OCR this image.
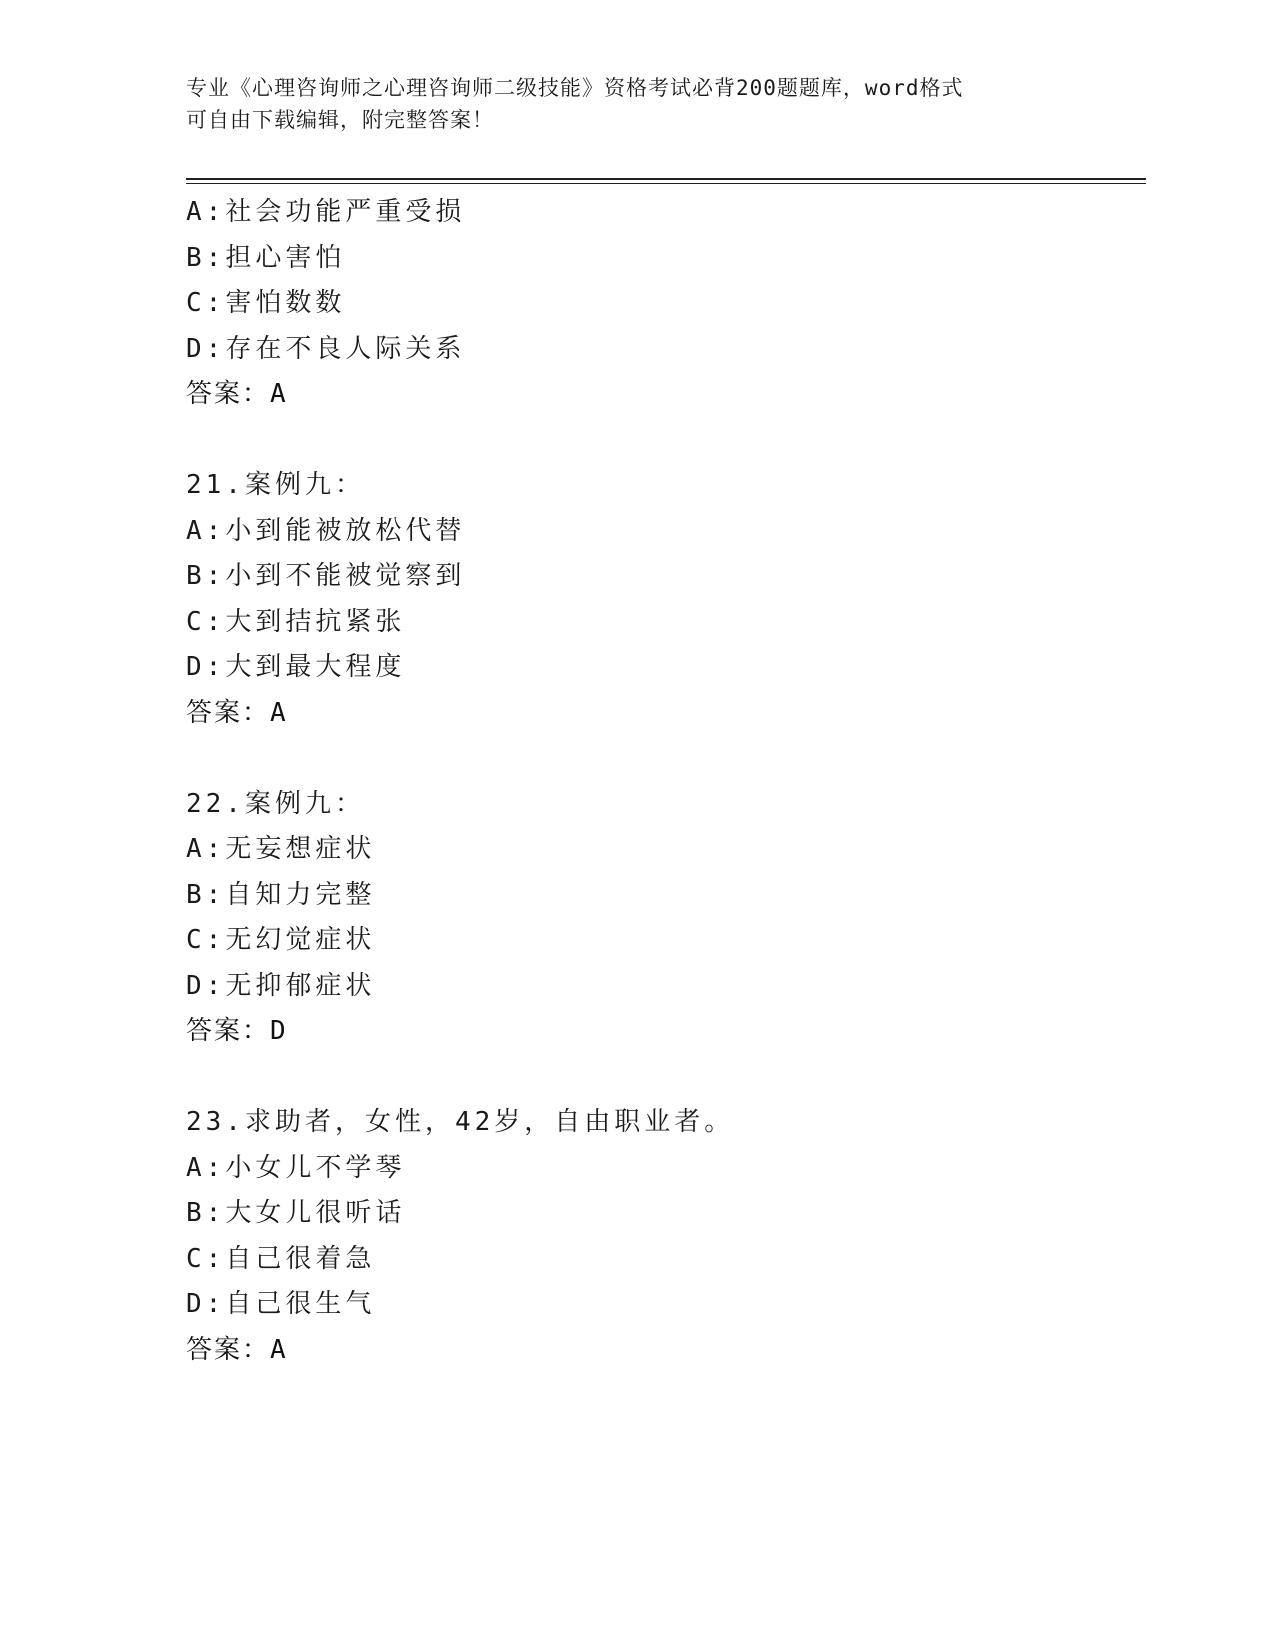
专业《心理咨询师之心理咨询师二级技能》资格考试必背200题题库，word格式
可自由下载编辑，附完整答案！
A:社会功能严重受损
B:担心害怕
C:害怕数数
D:存在不良人际关系
答案：A
21.案例九：
A:小到能被放松代替
B:小到不能被觉察到
C:大到拮抗紧张
D:大到最大程度
答案：A
22.案例九：
A:无妄想症状
B:自知力完整
C:无幻觉症状
D:无抑郁症状
答案：D
23.求助者，女性，42岁，自由职业者。
A:小女儿不学琴
B:大女儿很听话
C:自己很着急
D:自己很生气
答案：A
